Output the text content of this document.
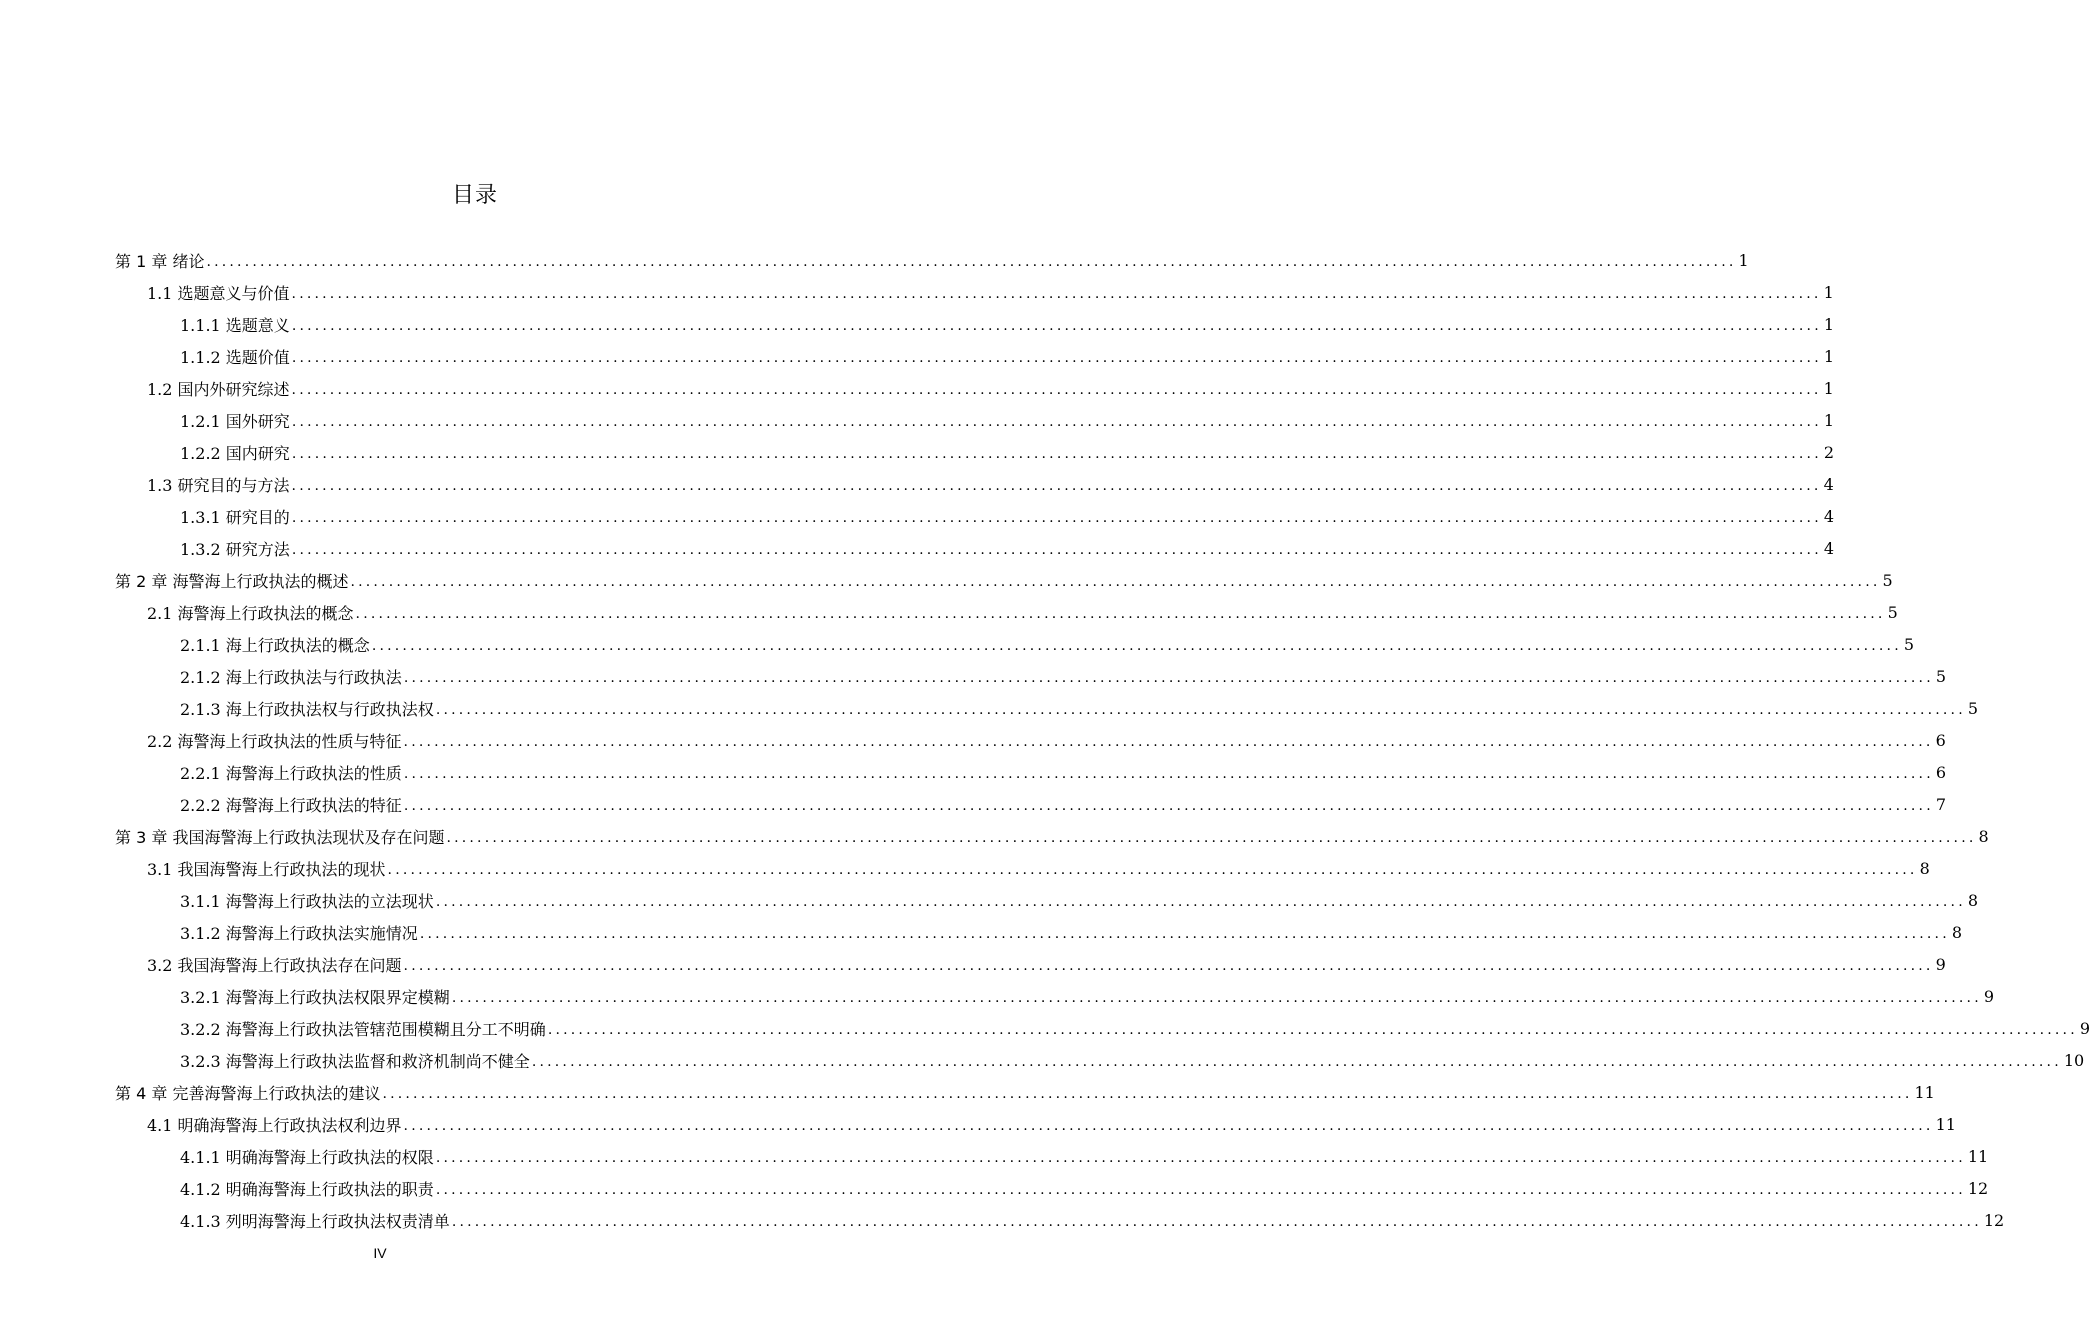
目录
第 1 章 绪论 ........................................................................................................................................................................................................ 1
1.1 选题意义与价值 ........................................................................................................................................................................................................ 1
1.1.1 选题意义 ........................................................................................................................................................................................................ 1
1.1.2 选题价值 ........................................................................................................................................................................................................ 1
1.2 国内外研究综述 ........................................................................................................................................................................................................ 1
1.2.1 国外研究 ........................................................................................................................................................................................................ 1
1.2.2 国内研究 ........................................................................................................................................................................................................ 2
1.3 研究目的与方法 ........................................................................................................................................................................................................ 4
1.3.1 研究目的 ........................................................................................................................................................................................................ 4
1.3.2 研究方法 ........................................................................................................................................................................................................ 4
第 2 章 海警海上行政执法的概述 ........................................................................................................................................................................................................ 5
2.1 海警海上行政执法的概念 ........................................................................................................................................................................................................ 5
2.1.1 海上行政执法的概念 ........................................................................................................................................................................................................ 5
2.1.2 海上行政执法与行政执法 ........................................................................................................................................................................................................ 5
2.1.3 海上行政执法权与行政执法权 ........................................................................................................................................................................................................ 5
2.2 海警海上行政执法的性质与特征 ........................................................................................................................................................................................................ 6
2.2.1 海警海上行政执法的性质 ........................................................................................................................................................................................................ 6
2.2.2 海警海上行政执法的特征 ........................................................................................................................................................................................................ 7
第 3 章 我国海警海上行政执法现状及存在问题 ........................................................................................................................................................................................................ 8
3.1 我国海警海上行政执法的现状 ........................................................................................................................................................................................................ 8
3.1.1 海警海上行政执法的立法现状 ........................................................................................................................................................................................................ 8
3.1.2 海警海上行政执法实施情况 ........................................................................................................................................................................................................ 8
3.2 我国海警海上行政执法存在问题 ........................................................................................................................................................................................................ 9
3.2.1 海警海上行政执法权限界定模糊 ........................................................................................................................................................................................................ 9
3.2.2 海警海上行政执法管辖范围模糊且分工不明确 ........................................................................................................................................................................................................ 9
3.2.3 海警海上行政执法监督和救济机制尚不健全 ........................................................................................................................................................................................................ 10
第 4 章 完善海警海上行政执法的建议 ........................................................................................................................................................................................................ 11
4.1 明确海警海上行政执法权利边界 ........................................................................................................................................................................................................ 11
4.1.1 明确海警海上行政执法的权限 ........................................................................................................................................................................................................ 11
4.1.2 明确海警海上行政执法的职责 ........................................................................................................................................................................................................ 12
4.1.3 列明海警海上行政执法权责清单 ........................................................................................................................................................................................................ 12
IV
